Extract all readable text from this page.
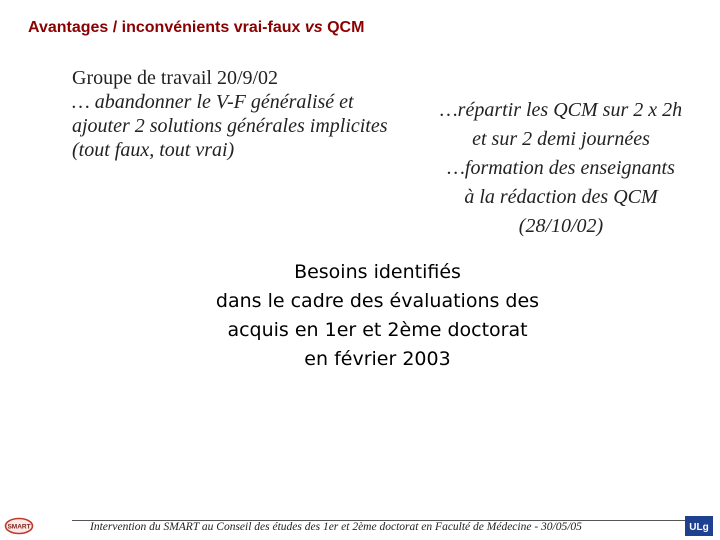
Avantages / inconvénients vrai-faux vs QCM
Groupe de travail 20/9/02
… abandonner le V-F généralisé et ajouter 2 solutions générales implicites (tout faux, tout vrai)
…répartir les QCM sur 2 x 2h
et sur 2 demi journées
…formation des enseignants
à la rédaction des QCM
(28/10/02)
Besoins identifiés
dans le cadre des évaluations des
acquis en 1er et 2ème doctorat
en février 2003
SMART	Intervention du SMART au Conseil des études des 1er et 2ème doctorat en Faculté de Médecine - 30/05/05	ULg
